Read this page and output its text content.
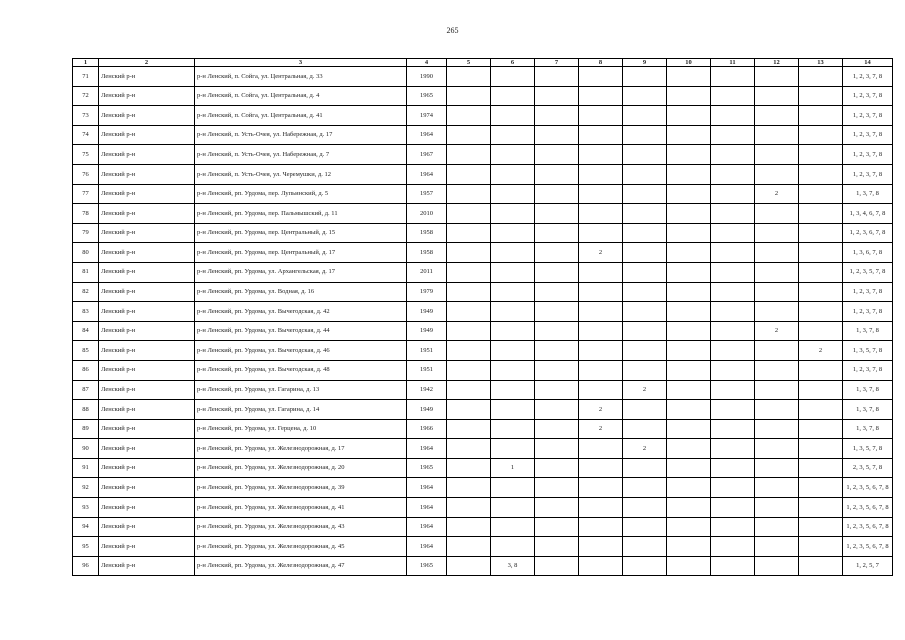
265
1	2	3	4	5	6	7	8	9	10	11	12	13	14
71	Ленский р-н	р-н Ленский, п. Сойга, ул. Центральная, д. 33	1990										1, 2, 3, 7, 8
72	Ленский р-н	р-н Ленский, п. Сойга, ул. Центральная, д. 4	1965										1, 2, 3, 7, 8
73	Ленский р-н	р-н Ленский, п. Сойга, ул. Центральная, д. 41	1974										1, 2, 3, 7, 8
74	Ленский р-н	р-н Ленский, п. Усть-Очея, ул. Набережная, д. 17	1964										1, 2, 3, 7, 8
75	Ленский р-н	р-н Ленский, п. Усть-Очея, ул. Набережная, д. 7	1967										1, 2, 3, 7, 8
76	Ленский р-н	р-н Ленский, п. Усть-Очея, ул. Черемушки, д. 12	1964										1, 2, 3, 7, 8
77	Ленский р-н	р-н Ленский, рп. Урдома, пер. Лупьинский, д. 5	1957								2		1, 3, 7, 8
78	Ленский р-н	р-н Ленский, рп. Урдома, пер. Пальмышский, д. 11	2010										1, 3, 4, 6, 7, 8
79	Ленский р-н	р-н Ленский, рп. Урдома, пер. Центральный, д. 15	1958										1, 2, 3, 6, 7, 8
80	Ленский р-н	р-н Ленский, рп. Урдома, пер. Центральный, д. 17	1958				2						1, 3, 6, 7, 8
81	Ленский р-н	р-н Ленский, рп. Урдома, ул. Архангельская, д. 17	2011										1, 2, 3, 5, 7, 8
82	Ленский р-н	р-н Ленский, рп. Урдома, ул. Водная, д. 16	1979										1, 2, 3, 7, 8
83	Ленский р-н	р-н Ленский, рп. Урдома, ул. Вычегодская, д. 42	1949										1, 2, 3, 7, 8
84	Ленский р-н	р-н Ленский, рп. Урдома, ул. Вычегодская, д. 44	1949								2		1, 3, 7, 8
85	Ленский р-н	р-н Ленский, рп. Урдома, ул. Вычегодская, д. 46	1951									2	1, 3, 5, 7, 8
86	Ленский р-н	р-н Ленский, рп. Урдома, ул. Вычегодская, д. 48	1951										1, 2, 3, 7, 8
87	Ленский р-н	р-н Ленский, рп. Урдома, ул. Гагарина, д. 13	1942					2					1, 3, 7, 8
88	Ленский р-н	р-н Ленский, рп. Урдома, ул. Гагарина, д. 14	1949				2						1, 3, 7, 8
89	Ленский р-н	р-н Ленский, рп. Урдома, ул. Герцена, д. 10	1966				2						1, 3, 7, 8
90	Ленский р-н	р-н Ленский, рп. Урдома, ул. Железнодорожная, д. 17	1964					2					1, 3, 5, 7, 8
91	Ленский р-н	р-н Ленский, рп. Урдома, ул. Железнодорожная, д. 20	1965		1								2, 3, 5, 7, 8
92	Ленский р-н	р-н Ленский, рп. Урдома, ул. Железнодорожная, д. 39	1964										1, 2, 3, 5, 6, 7, 8
93	Ленский р-н	р-н Ленский, рп. Урдома, ул. Железнодорожная, д. 41	1964										1, 2, 3, 5, 6, 7, 8
94	Ленский р-н	р-н Ленский, рп. Урдома, ул. Железнодорожная, д. 43	1964										1, 2, 3, 5, 6, 7, 8
95	Ленский р-н	р-н Ленский, рп. Урдома, ул. Железнодорожная, д. 45	1964										1, 2, 3, 5, 6, 7, 8
96	Ленский р-н	р-н Ленский, рп. Урдома, ул. Железнодорожная, д. 47	1965		3, 8								1, 2, 5, 7
